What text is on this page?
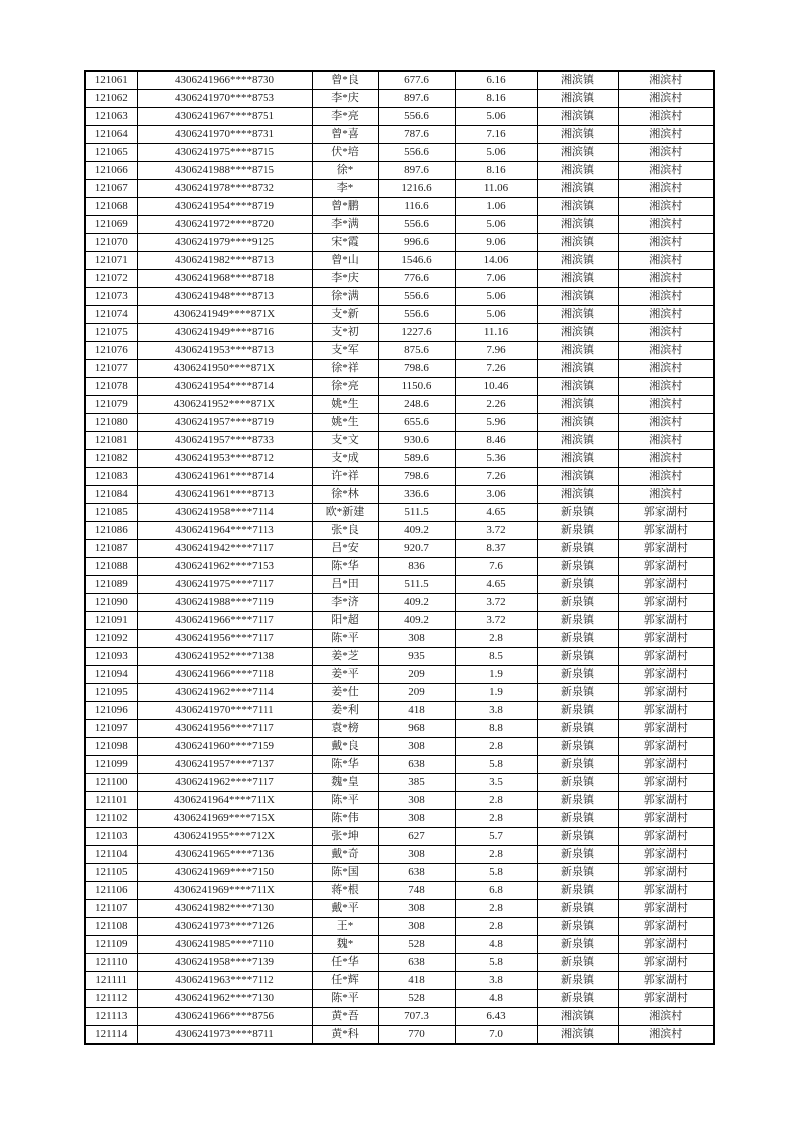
121061	4306241966****8730	曾*良	677.6	6.16	湘滨镇	湘滨村
121062	4306241970****8753	李*庆	897.6	8.16	湘滨镇	湘滨村
121063	4306241967****8751	李*亮	556.6	5.06	湘滨镇	湘滨村
121064	4306241970****8731	曾*喜	787.6	7.16	湘滨镇	湘滨村
121065	4306241975****8715	伏*培	556.6	5.06	湘滨镇	湘滨村
121066	4306241988****8715	徐*	897.6	8.16	湘滨镇	湘滨村
121067	4306241978****8732	李*	1216.6	11.06	湘滨镇	湘滨村
121068	4306241954****8719	曾*鹏	116.6	1.06	湘滨镇	湘滨村
121069	4306241972****8720	李*满	556.6	5.06	湘滨镇	湘滨村
121070	4306241979****9125	宋*霞	996.6	9.06	湘滨镇	湘滨村
121071	4306241982****8713	曾*山	1546.6	14.06	湘滨镇	湘滨村
121072	4306241968****8718	李*庆	776.6	7.06	湘滨镇	湘滨村
121073	4306241948****8713	徐*满	556.6	5.06	湘滨镇	湘滨村
121074	4306241949****871X	支*新	556.6	5.06	湘滨镇	湘滨村
121075	4306241949****8716	支*初	1227.6	11.16	湘滨镇	湘滨村
121076	4306241953****8713	支*军	875.6	7.96	湘滨镇	湘滨村
121077	4306241950****871X	徐*祥	798.6	7.26	湘滨镇	湘滨村
121078	4306241954****8714	徐*亮	1150.6	10.46	湘滨镇	湘滨村
121079	4306241952****871X	姚*生	248.6	2.26	湘滨镇	湘滨村
121080	4306241957****8719	姚*生	655.6	5.96	湘滨镇	湘滨村
121081	4306241957****8733	支*文	930.6	8.46	湘滨镇	湘滨村
121082	4306241953****8712	支*成	589.6	5.36	湘滨镇	湘滨村
121083	4306241961****8714	许*祥	798.6	7.26	湘滨镇	湘滨村
121084	4306241961****8713	徐*林	336.6	3.06	湘滨镇	湘滨村
121085	4306241958****7114	欧*新建	511.5	4.65	新泉镇	郭家湖村
121086	4306241964****7113	张*良	409.2	3.72	新泉镇	郭家湖村
121087	4306241942****7117	吕*安	920.7	8.37	新泉镇	郭家湖村
121088	4306241962****7153	陈*华	836	7.6	新泉镇	郭家湖村
121089	4306241975****7117	吕*田	511.5	4.65	新泉镇	郭家湖村
121090	4306241988****7119	李*济	409.2	3.72	新泉镇	郭家湖村
121091	4306241966****7117	阳*超	409.2	3.72	新泉镇	郭家湖村
121092	4306241956****7117	陈*平	308	2.8	新泉镇	郭家湖村
121093	4306241952****7138	姜*芝	935	8.5	新泉镇	郭家湖村
121094	4306241966****7118	姜*平	209	1.9	新泉镇	郭家湖村
121095	4306241962****7114	姜*仕	209	1.9	新泉镇	郭家湖村
121096	4306241970****7111	姜*利	418	3.8	新泉镇	郭家湖村
121097	4306241956****7117	袁*榜	968	8.8	新泉镇	郭家湖村
121098	4306241960****7159	戴*良	308	2.8	新泉镇	郭家湖村
121099	4306241957****7137	陈*华	638	5.8	新泉镇	郭家湖村
121100	4306241962****7117	魏*皇	385	3.5	新泉镇	郭家湖村
121101	4306241964****711X	陈*平	308	2.8	新泉镇	郭家湖村
121102	4306241969****715X	陈*伟	308	2.8	新泉镇	郭家湖村
121103	4306241955****712X	张*坤	627	5.7	新泉镇	郭家湖村
121104	4306241965****7136	戴*奇	308	2.8	新泉镇	郭家湖村
121105	4306241969****7150	陈*国	638	5.8	新泉镇	郭家湖村
121106	4306241969****711X	蒋*根	748	6.8	新泉镇	郭家湖村
121107	4306241982****7130	戴*平	308	2.8	新泉镇	郭家湖村
121108	4306241973****7126	王*	308	2.8	新泉镇	郭家湖村
121109	4306241985****7110	魏*	528	4.8	新泉镇	郭家湖村
121110	4306241958****7139	任*华	638	5.8	新泉镇	郭家湖村
121111	4306241963****7112	任*辉	418	3.8	新泉镇	郭家湖村
121112	4306241962****7130	陈*平	528	4.8	新泉镇	郭家湖村
121113	4306241966****8756	黄*吾	707.3	6.43	湘滨镇	湘滨村
121114	4306241973****8711	黄*科	770	7.0	湘滨镇	湘滨村
